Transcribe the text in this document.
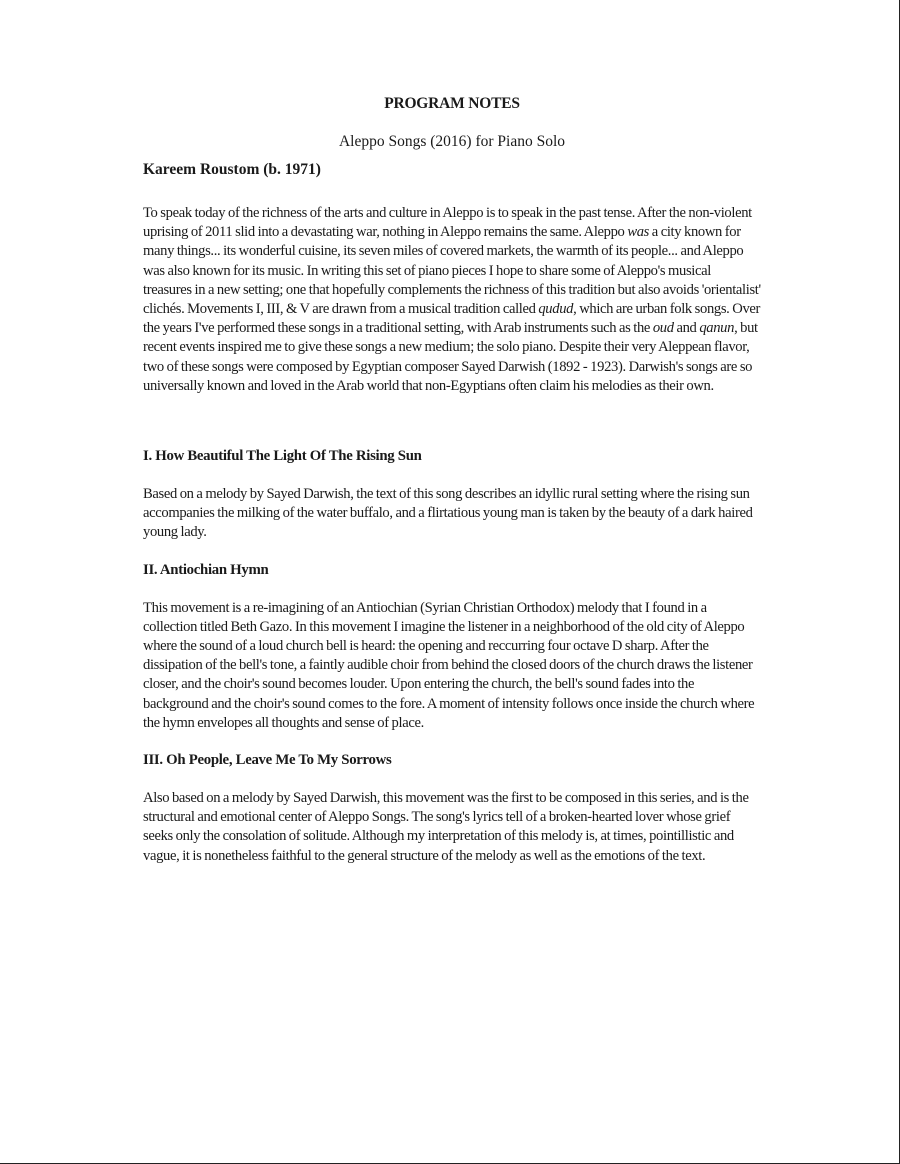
PROGRAM NOTES
Aleppo Songs (2016) for Piano Solo
Kareem Roustom (b. 1971)

To speak today of the richness of the arts and culture in Aleppo is to speak in the past tense. After the non-violent uprising of 2011 slid into a devastating war, nothing in Aleppo remains the same. Aleppo was a city known for many things... its wonderful cuisine, its seven miles of covered markets, the warmth of its people... and Aleppo was also known for its music. In writing this set of piano pieces I hope to share some of Aleppo's musical treasures in a new setting; one that hopefully complements the richness of this tradition but also avoids 'orientalist' clichés. Movements I, III, & V are drawn from a musical tradition called qudud, which are urban folk songs. Over the years I've performed these songs in a traditional setting, with Arab instruments such as the oud and qanun, but recent events inspired me to give these songs a new medium; the solo piano. Despite their very Aleppean flavor, two of these songs were composed by Egyptian composer Sayed Darwish (1892 - 1923). Darwish's songs are so universally known and loved in the Arab world that non-Egyptians often claim his melodies as their own.

I. How Beautiful The Light Of The Rising Sun

Based on a melody by Sayed Darwish, the text of this song describes an idyllic rural setting where the rising sun accompanies the milking of the water buffalo, and a flirtatious young man is taken by the beauty of a dark haired young lady.

II. Antiochian Hymn

This movement is a re-imagining of an Antiochian (Syrian Christian Orthodox) melody that I found in a collection titled Beth Gazo. In this movement I imagine the listener in a neighborhood of the old city of Aleppo where the sound of a loud church bell is heard: the opening and reccurring four octave D sharp. After the dissipation of the bell's tone, a faintly audible choir from behind the closed doors of the church draws the listener closer, and the choir's sound becomes louder. Upon entering the church, the bell's sound fades into the background and the choir's sound comes to the fore. A moment of intensity follows once inside the church where the hymn envelopes all thoughts and sense of place.

III. Oh People, Leave Me To My Sorrows

Also based on a melody by Sayed Darwish, this movement was the first to be composed in this series, and is the structural and emotional center of Aleppo Songs. The song's lyrics tell of a broken-hearted lover whose grief seeks only the consolation of solitude. Although my interpretation of this melody is, at times, pointillistic and vague, it is nonetheless faithful to the general structure of the melody as well as the emotions of the text.
